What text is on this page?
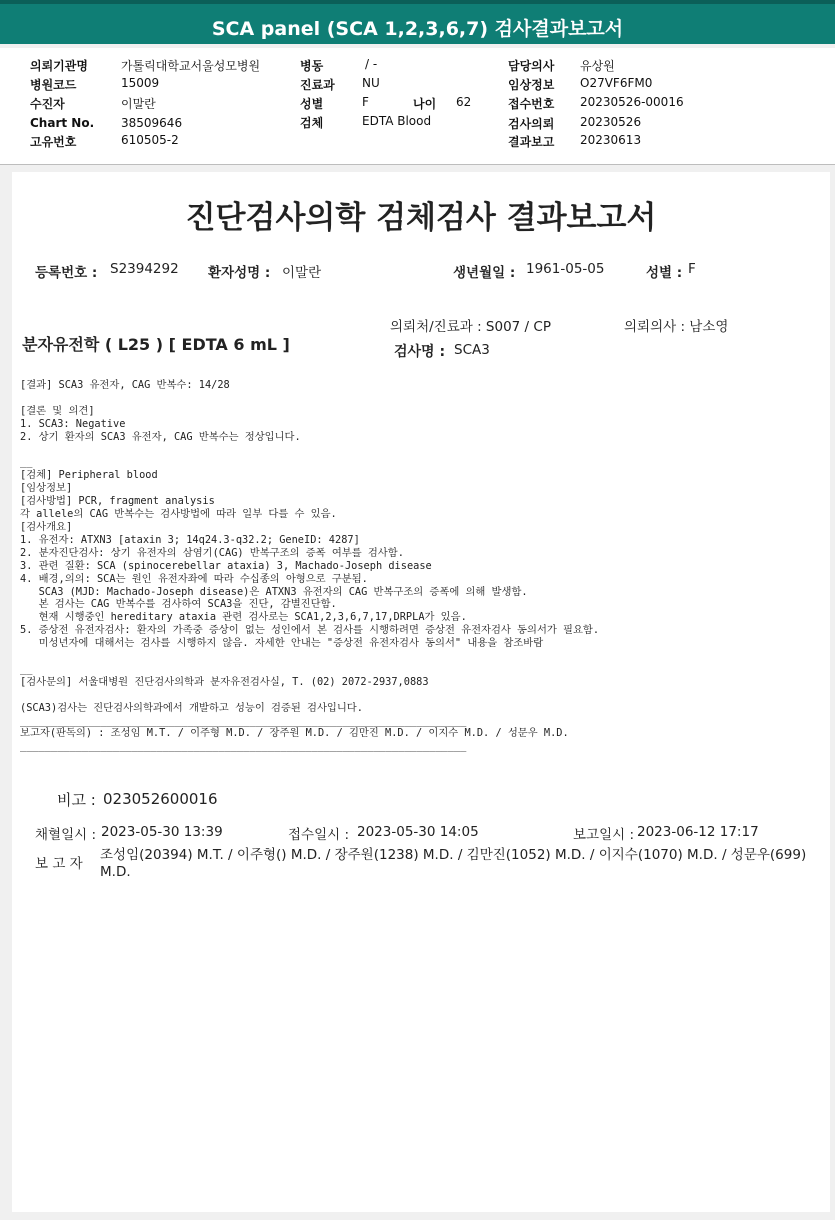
SCA panel (SCA 1,2,3,6,7) 검사결과보고서
의뢰기관명	가톨릭대학교서울성모병원
병원코드	15009
수진자	이말란
Chart No. 38509646
고유번호	610505-2
병동	/ -
진료과 NU
성별	F	나이 62
검체	EDTA Blood
담당의사 유상원
임상정보 O27VF6FM0
접수번호 20230526-00016
검사의뢰 20230526
결과보고 20230613
진단검사의학 검체검사 결과보고서
등록번호 : S2394292 환자성명 : 이말란	생년월일 : 1961-05-05	성별 : F
의뢰처/진료과 : S007 / CP	의뢰의사 : 남소영
분자유전학 ( L25 ) [ EDTA 6 mL ]	검사명 : SCA3
[결과] SCA3 유전자, CAG 반복수: 14/28

[결론 및 의견]
1. SCA3: Negative
2. 상기 환자의 SCA3 유전자, CAG 반복수는 정상입니다.

__
[검체] Peripheral blood
[임상정보]
[검사방법] PCR, fragment analysis
각 allele의 CAG 반복수는 검사방법에 따라 일부 다를 수 있음.
[검사개요]
1. 유전자: ATXN3 [ataxin 3; 14q24.3-q32.2; GeneID: 4287]
2. 분자진단검사: 상기 유전자의 삼염기(CAG) 반복구조의 증폭 여부를 검사함.
3. 관련 질환: SCA (spinocerebellar ataxia) 3, Machado-Joseph disease
4. 배경,의의: SCA는 원인 유전자좌에 따라 수십종의 아형으로 구분됨.
SCA3 (MJD: Machado-Joseph disease)은 ATXN3 유전자의 CAG 반복구조의 증폭에 의해 발생함.
본 검사는 CAG 반복수를 검사하여 SCA3을 진단, 감별진단함.
현재 시행중인 hereditary ataxia 관련 검사로는 SCA1,2,3,6,7,17,DRPLA가 있음.
5. 증상전 유전자검사: 환자의 가족중 증상이 없는 성인에서 본 검사를 시행하려면 증상전 유전자검사 동의서가 필요함.
미성년자에 대해서는 검사를 시행하지 않음. 자세한 안내는 "증상전 유전자검사 동의서" 내용을 참조바람

__
[검사문의] 서울대병원 진단검사의학과 분자유전검사실, T. (02) 2072-2937,0883

(SCA3)검사는 진단검사의학과에서 개발하고 성능이 검증된 검사입니다.
________________________________________________________________________
보고자(판독의) : 조성임 M.T. / 이주형 M.D. / 장주원 M.D. / 김만진 M.D. / 이지수 M.D. / 성문우 M.D.
________________________________________________________________________
비고 : 023052600016
채혈일시 : 2023-05-30 13:39	접수일시 : 2023-05-30 14:05	보고일시 : 2023-06-12 17:17
보 고 자
조성임(20394) M.T. / 이주형() M.D. / 장주원(1238) M.D. / 김만진(1052) M.D. / 이지수(1070) M.D. / 성문우(699) M.D.
